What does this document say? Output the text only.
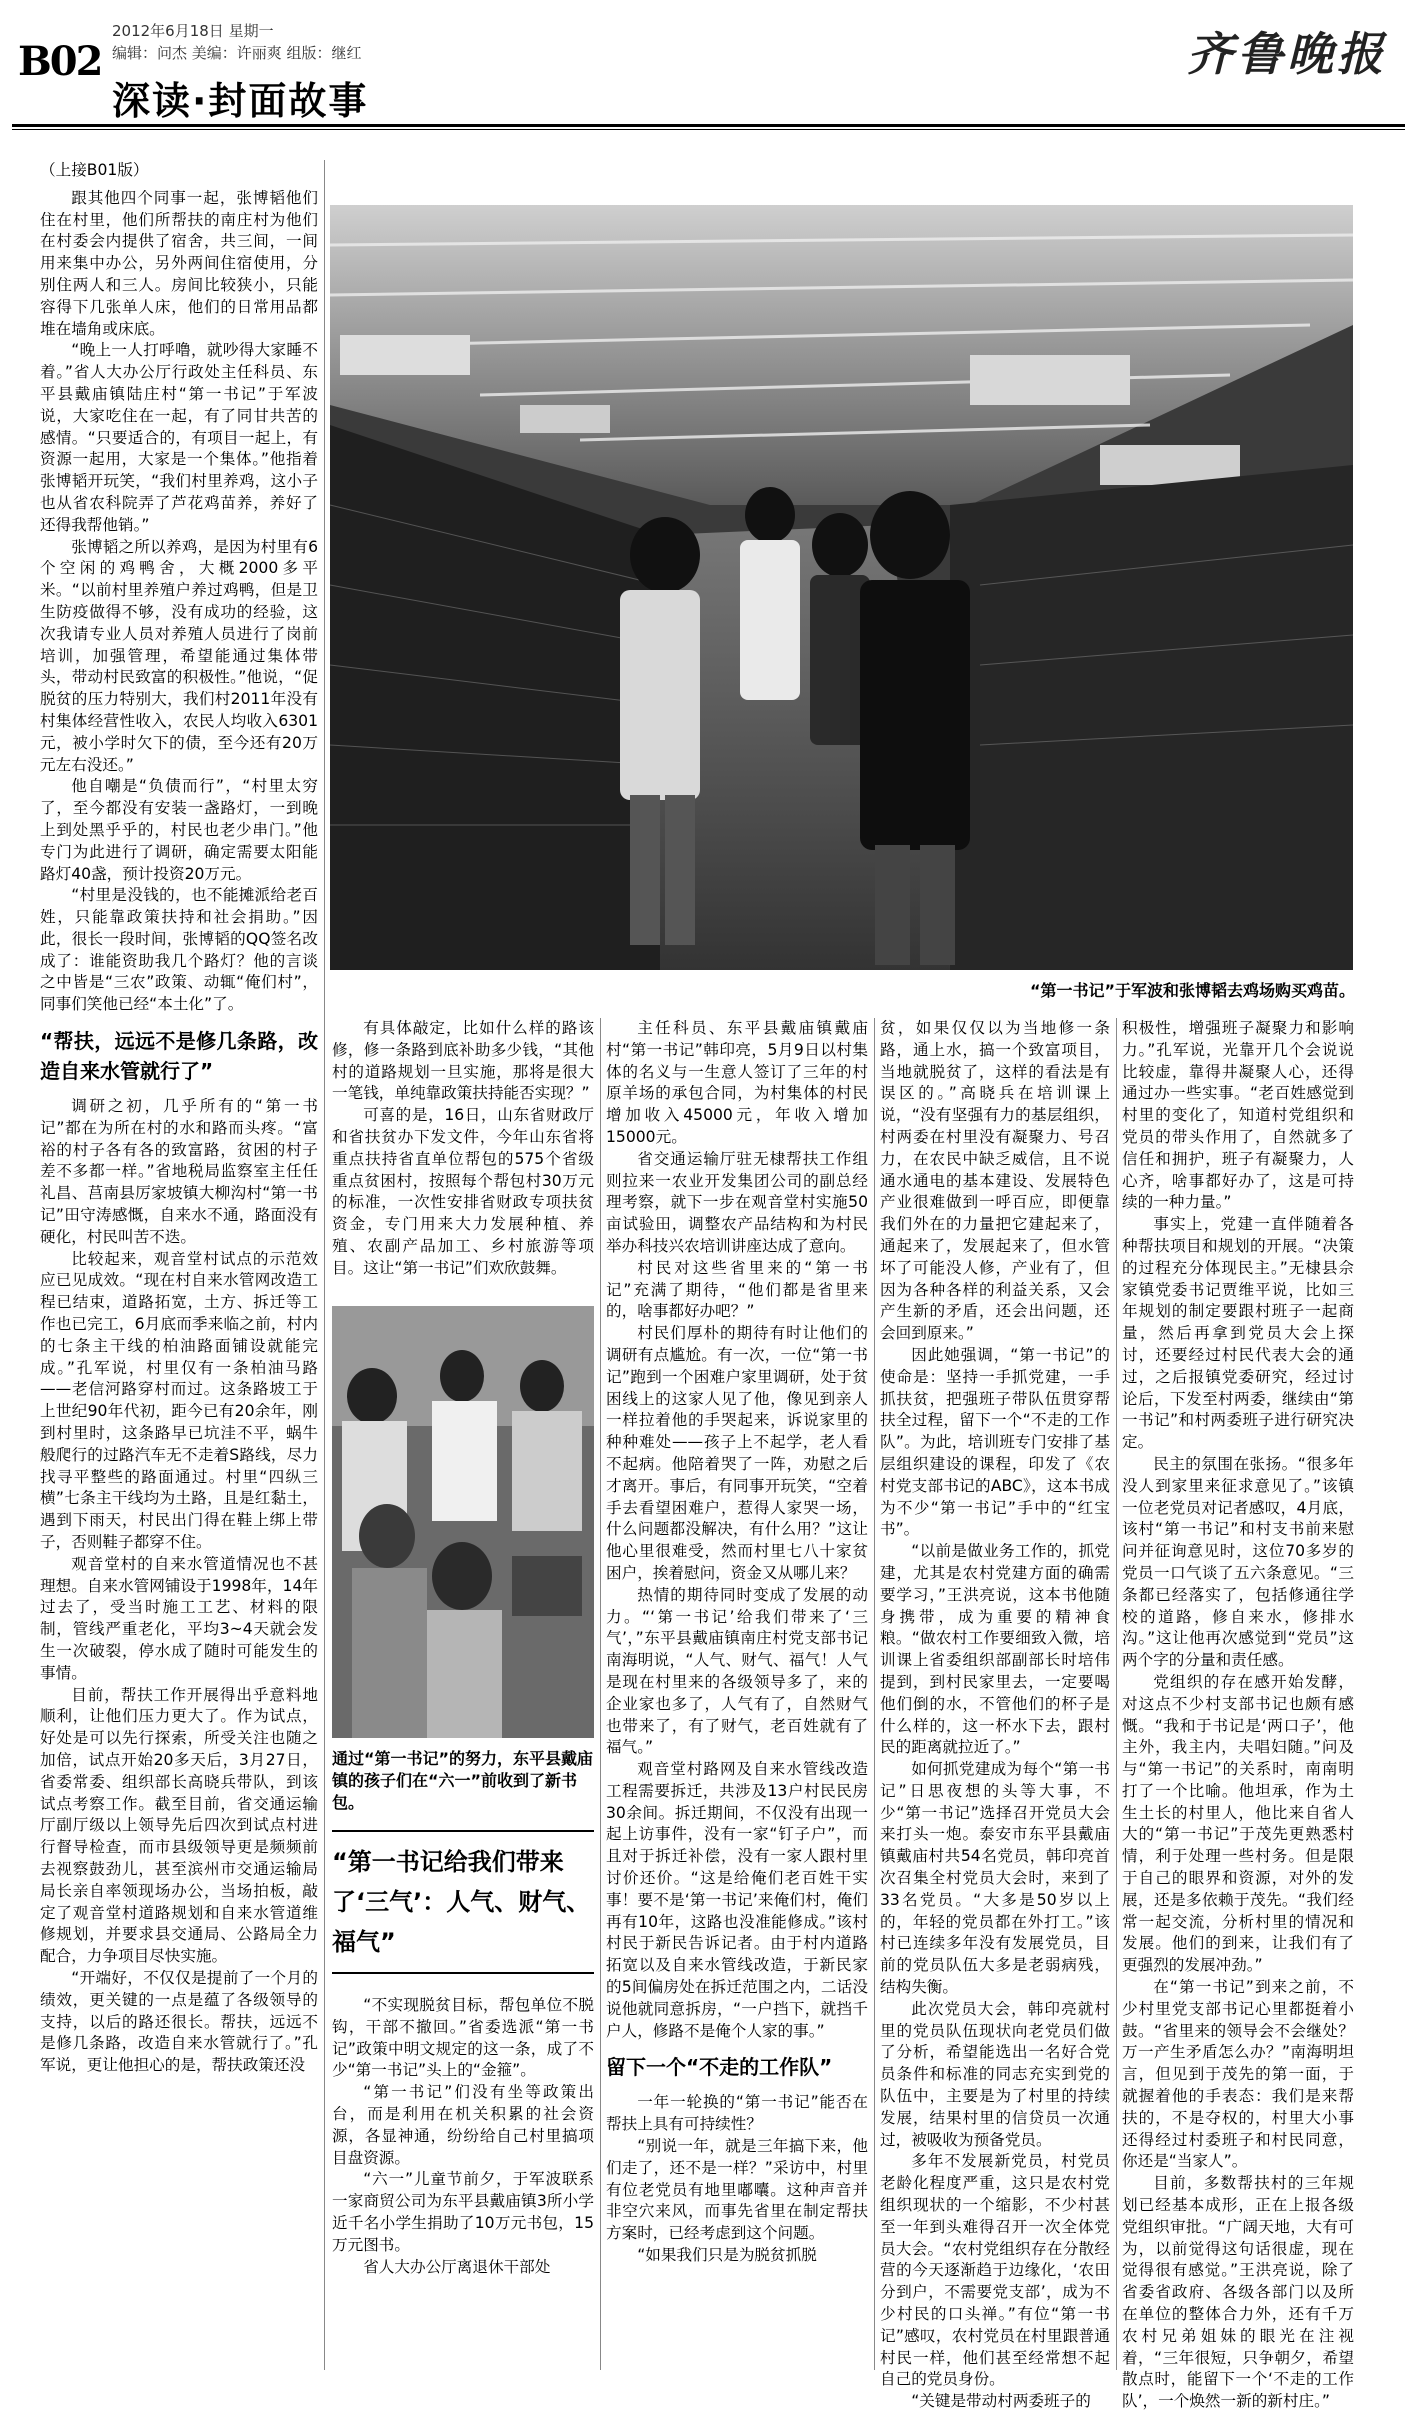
B02
2012年6月18日 星期一
编辑：问杰 美编：许丽爽 组版：继红
深读·封面故事
齐鲁晚报

（上接B01版）

跟其他四个同事一起，张博韬他们住在村里，他们所帮扶的南庄村为他们在村委会内提供了宿舍，共三间，一间用来集中办公，另外两间住宿使用，分别住两人和三人。房间比较狭小，只能容得下几张单人床，他们的日常用品都堆在墙角或床底。

“晚上一人打呼噜，就吵得大家睡不着。”省人大办公厅行政处主任科员、东平县戴庙镇陆庄村“第一书记”于军波说，大家吃住在一起，有了同甘共苦的感情。“只要适合的，有项目一起上，有资源一起用，大家是一个集体。”他指着张博韬开玩笑，“我们村里养鸡，这小子也从省农科院弄了芦花鸡苗养，养好了还得我帮他销。”

张博韬之所以养鸡，是因为村里有6个空闲的鸡鸭舍，大概2000多平米。“以前村里养殖户养过鸡鸭，但是卫生防疫做得不够，没有成功的经验，这次我请专业人员对养殖人员进行了岗前培训，加强管理，希望能通过集体带头，带动村民致富的积极性。”他说，“促脱贫的压力特别大，我们村2011年没有村集体经营性收入，农民人均收入6301元，被小学时欠下的债，至今还有20万元左右没还。”

他自嘲是“负债而行”，“村里太穷了，至今都没有安装一盏路灯，一到晚上到处黑乎乎的，村民也老少串门。”他专门为此进行了调研，确定需要太阳能路灯40盏，预计投资20万元。

“村里是没钱的，也不能摊派给老百姓，只能靠政策扶持和社会捐助。”因此，很长一段时间，张博韬的QQ签名改成了：谁能资助我几个路灯？他的言谈之中皆是“三农”政策、动辄“俺们村”，同事们笑他已经“本土化”了。

“帮扶，远远不是修几条路，改造自来水管就行了”

调研之初，几乎所有的“第一书记”都在为所在村的水和路而头疼。“富裕的村子各有各的致富路，贫困的村子差不多都一样。”省地税局监察室主任任礼昌、莒南县厉家坡镇大柳沟村“第一书记”田守涛感慨，自来水不通，路面没有硬化，村民叫苦不迭。

比较起来，观音堂村试点的示范效应已见成效。“现在村自来水管网改造工程已结束，道路拓宽，土方、拆迁等工作也已完工，6月底而季来临之前，村内的七条主干线的柏油路面铺设就能完成。”孔军说，村里仅有一条柏油马路——老信河路穿村而过。这条路坡工于上世纪90年代初，距今已有20余年，刚到村里时，这条路早已坑洼不平，蜗牛般爬行的过路汽车无不走着S路线，尽力找寻平整些的路面通过。村里“四纵三横”七条主干线均为土路，且是红黏土，遇到下雨天，村民出门得在鞋上绑上带子，否则鞋子都穿不住。

观音堂村的自来水管道情况也不甚理想。自来水管网铺设于1998年，14年过去了，受当时施工工艺、材料的限制，管线严重老化，平均3~4天就会发生一次破裂，停水成了随时可能发生的事情。

目前，帮扶工作开展得出乎意料地顺利，让他们压力更大了。作为试点，好处是可以先行探索，所受关注也随之加倍，试点开始20多天后，3月27日，省委常委、组织部长高晓兵带队，到该试点考察工作。截至目前，省交通运输厅副厅级以上领导先后四次到试点村进行督导检查，而市县级领导更是频频前去视察鼓劲儿，甚至滨州市交通运输局局长亲自率领现场办公，当场拍板，敲定了观音堂村道路规划和自来水管道维修规划，并要求县交通局、公路局全力配合，力争项目尽快实施。

“开端好，不仅仅是提前了一个月的绩效，更关键的一点是蕴了各级领导的支持，以后的路还很长。帮扶，远远不是修几条路，改造自来水管就行了。”孔军说，更让他担心的是，帮扶政策还没

“第一书记”于军波和张博韬去鸡场购买鸡苗。

有具体敲定，比如什么样的路该修，修一条路到底补助多少钱，“其他村的道路规划一旦实施，那将是很大一笔钱，单纯靠政策扶持能否实现？”

可喜的是，16日，山东省财政厅和省扶贫办下发文件，今年山东省将重点扶持省直单位帮包的575个省级重点贫困村，按照每个帮包村30万元的标准，一次性安排省财政专项扶贫资金，专门用来大力发展种植、养殖、农副产品加工、乡村旅游等项目。这让“第一书记”们欢欣鼓舞。

通过“第一书记”的努力，东平县戴庙镇的孩子们在“六一”前收到了新书包。
“第一书记给我们带来了‘三气’：人气、财气、福气”

“不实现脱贫目标，帮包单位不脱钩，干部不撤回。”省委选派“第一书记”政策中明文规定的这一条，成了不少“第一书记”头上的“金箍”。

“第一书记”们没有坐等政策出台，而是利用在机关积累的社会资源，各显神通，纷纷给自己村里搞项目盘资源。

“六一”儿童节前夕，于军波联系一家商贸公司为东平县戴庙镇3所小学近千名小学生捐助了10万元书包，15万元图书。

省人大办公厅离退休干部处

主任科员、东平县戴庙镇戴庙村“第一书记”韩印亮，5月9日以村集体的名义与一生意人签订了三年的村原羊场的承包合同，为村集体的村民增加收入45000元，年收入增加15000元。

省交通运输厅驻无棣帮扶工作组则拉来一农业开发集团公司的副总经理考察，就下一步在观音堂村实施50亩试验田，调整农产品结构和为村民举办科技兴农培训讲座达成了意向。

村民对这些省里来的“第一书记”充满了期待，“他们都是省里来的，啥事都好办吧？”

村民们厚朴的期待有时让他们的调研有点尴尬。有一次，一位“第一书记”跑到一个困难户家里调研，处于贫困线上的这家人见了他，像见到亲人一样拉着他的手哭起来，诉说家里的种种难处——孩子上不起学，老人看不起病。他陪着哭了一阵，劝慰之后才离开。事后，有同事开玩笑，“空着手去看望困难户，惹得人家哭一场，什么问题都没解决，有什么用？”这让他心里很难受，然而村里七八十家贫困户，挨着慰问，资金又从哪儿来？

热情的期待同时变成了发展的动力。“‘第一书记’给我们带来了‘三气’，”东平县戴庙镇南庄村党支部书记南海明说，“人气、财气、福气！人气是现在村里来的各级领导多了，来的企业家也多了，人气有了，自然财气也带来了，有了财气，老百姓就有了福气。”

观音堂村路网及自来水管线改造工程需要拆迁，共涉及13户村民民房30余间。拆迁期间，不仅没有出现一起上访事件，没有一家“钉子户”，而且对于拆迁补偿，没有一家人跟村里讨价还价。“这是给俺们老百姓干实事！要不是‘第一书记’来俺们村，俺们再有10年，这路也没准能修成。”该村村民于新民告诉记者。由于村内道路拓宽以及自来水管线改造，于新民家的5间偏房处在拆迁范围之内，二话没说他就同意拆房，“一户挡下，就挡千户人，修路不是俺个人家的事。”

留下一个“不走的工作队”

一年一轮换的“第一书记”能否在帮扶上具有可持续性？

“别说一年，就是三年搞下来，他们走了，还不是一样？”采访中，村里有位老党员有地里嘟囔。这种声音并非空穴来风，而事先省里在制定帮扶方案时，已经考虑到这个问题。

“如果我们只是为脱贫抓脱

贫，如果仅仅以为当地修一条路，通上水，搞一个致富项目，当地就脱贫了，这样的看法是有误区的。”高晓兵在培训课上说，“没有坚强有力的基层组织，村两委在村里没有凝聚力、号召力，在农民中缺乏威信，且不说通水通电的基本建设、发展特色产业很难做到一呼百应，即便靠我们外在的力量把它建起来了，通起来了，发展起来了，但水管坏了可能没人修，产业有了，但因为各种各样的利益关系，又会产生新的矛盾，还会出问题，还会回到原来。”

因此她强调，“第一书记”的使命是：坚持一手抓党建，一手抓扶贫，把强班子带队伍贯穿帮扶全过程，留下一个“不走的工作队”。为此，培训班专门安排了基层组织建设的课程，印发了《农村党支部书记的ABC》，这本书成为不少“第一书记”手中的“红宝书”。

“以前是做业务工作的，抓党建，尤其是农村党建方面的确需要学习，”王洪亮说，这本书他随身携带，成为重要的精神食粮。“做农村工作要细致入微，培训课上省委组织部副部长时培伟提到，到村民家里去，一定要喝他们倒的水，不管他们的杯子是什么样的，这一杯水下去，跟村民的距离就拉近了。”

如何抓党建成为每个“第一书记”日思夜想的头等大事，不少“第一书记”选择召开党员大会来打头一炮。泰安市东平县戴庙镇戴庙村共54名党员，韩印亮首次召集全村党员大会时，来到了33名党员。“大多是50岁以上的，年轻的党员都在外打工。”该村已连续多年没有发展党员，目前的党员队伍大多是老弱病残，结构失衡。

此次党员大会，韩印亮就村里的党员队伍现状向老党员们做了分析，希望能选出一名好合党员条件和标准的同志充实到党的队伍中，主要是为了村里的持续发展，结果村里的信贷员一次通过，被吸收为预备党员。

多年不发展新党员，村党员老龄化程度严重，这只是农村党组织现状的一个缩影，不少村甚至一年到头难得召开一次全体党员大会。“农村党组织存在分散经营的今天逐渐趋于边缘化，‘农田分到户，不需要党支部’，成为不少村民的口头禅。”有位“第一书记”感叹，农村党员在村里跟普通村民一样，他们甚至经常想不起自己的党员身份。

“关键是带动村两委班子的

积极性，增强班子凝聚力和影响力。”孔军说，光靠开几个会说说比较虚，靠得井凝聚人心，还得通过办一些实事。“老百姓感觉到村里的变化了，知道村党组织和党员的带头作用了，自然就多了信任和拥护，班子有凝聚力，人心齐，啥事都好办了，这是可持续的一种力量。”

事实上，党建一直伴随着各种帮扶项目和规划的开展。“决策的过程充分体现民主。”无棣县佘家镇党委书记贾维平说，比如三年规划的制定要跟村班子一起商量，然后再拿到党员大会上探讨，还要经过村民代表大会的通过，之后报镇党委研究，经过讨论后，下发至村两委，继续由“第一书记”和村两委班子进行研究决定。

民主的氛围在张扬。“很多年没人到家里来征求意见了。”该镇一位老党员对记者感叹，4月底，该村“第一书记”和村支书前来慰问并征询意见时，这位70多岁的党员一口气谈了五六条意见。“三条都已经落实了，包括修通往学校的道路，修自来水，修排水沟。”这让他再次感觉到“党员”这两个字的分量和责任感。

党组织的存在感开始发酵，对这点不少村支部书记也颇有感慨。“我和于书记是‘两口子’，他主外，我主内，夫唱妇随。”问及与“第一书记”的关系时，南南明打了一个比喻。他坦承，作为土生土长的村里人，他比来自省人大的“第一书记”于茂先更熟悉村情，利于处理一些村务。但是限于自己的眼界和资源，对外的发展，还是多依赖于茂先。“我们经常一起交流，分析村里的情况和发展。他们的到来，让我们有了更强烈的发展冲劲。”

在“第一书记”到来之前，不少村里党支部书记心里都挺着小鼓。“省里来的领导会不会继处？万一产生矛盾怎么办？”南海明坦言，但见到于茂先的第一面，于就握着他的手表态：我们是来帮扶的，不是夺权的，村里大小事还得经过村委班子和村民同意，你还是“当家人”。

目前，多数帮扶村的三年规划已经基本成形，正在上报各级党组织审批。“广阔天地，大有可为，以前觉得这句话很虚，现在觉得很有感觉。”王洪亮说，除了省委省政府、各级各部门以及所在单位的整体合力外，还有千万农村兄弟姐妹的眼光在注视着，“三年很短，只争朝夕，希望散点时，能留下一个‘不走的工作队’，一个焕然一新的新村庄。”
